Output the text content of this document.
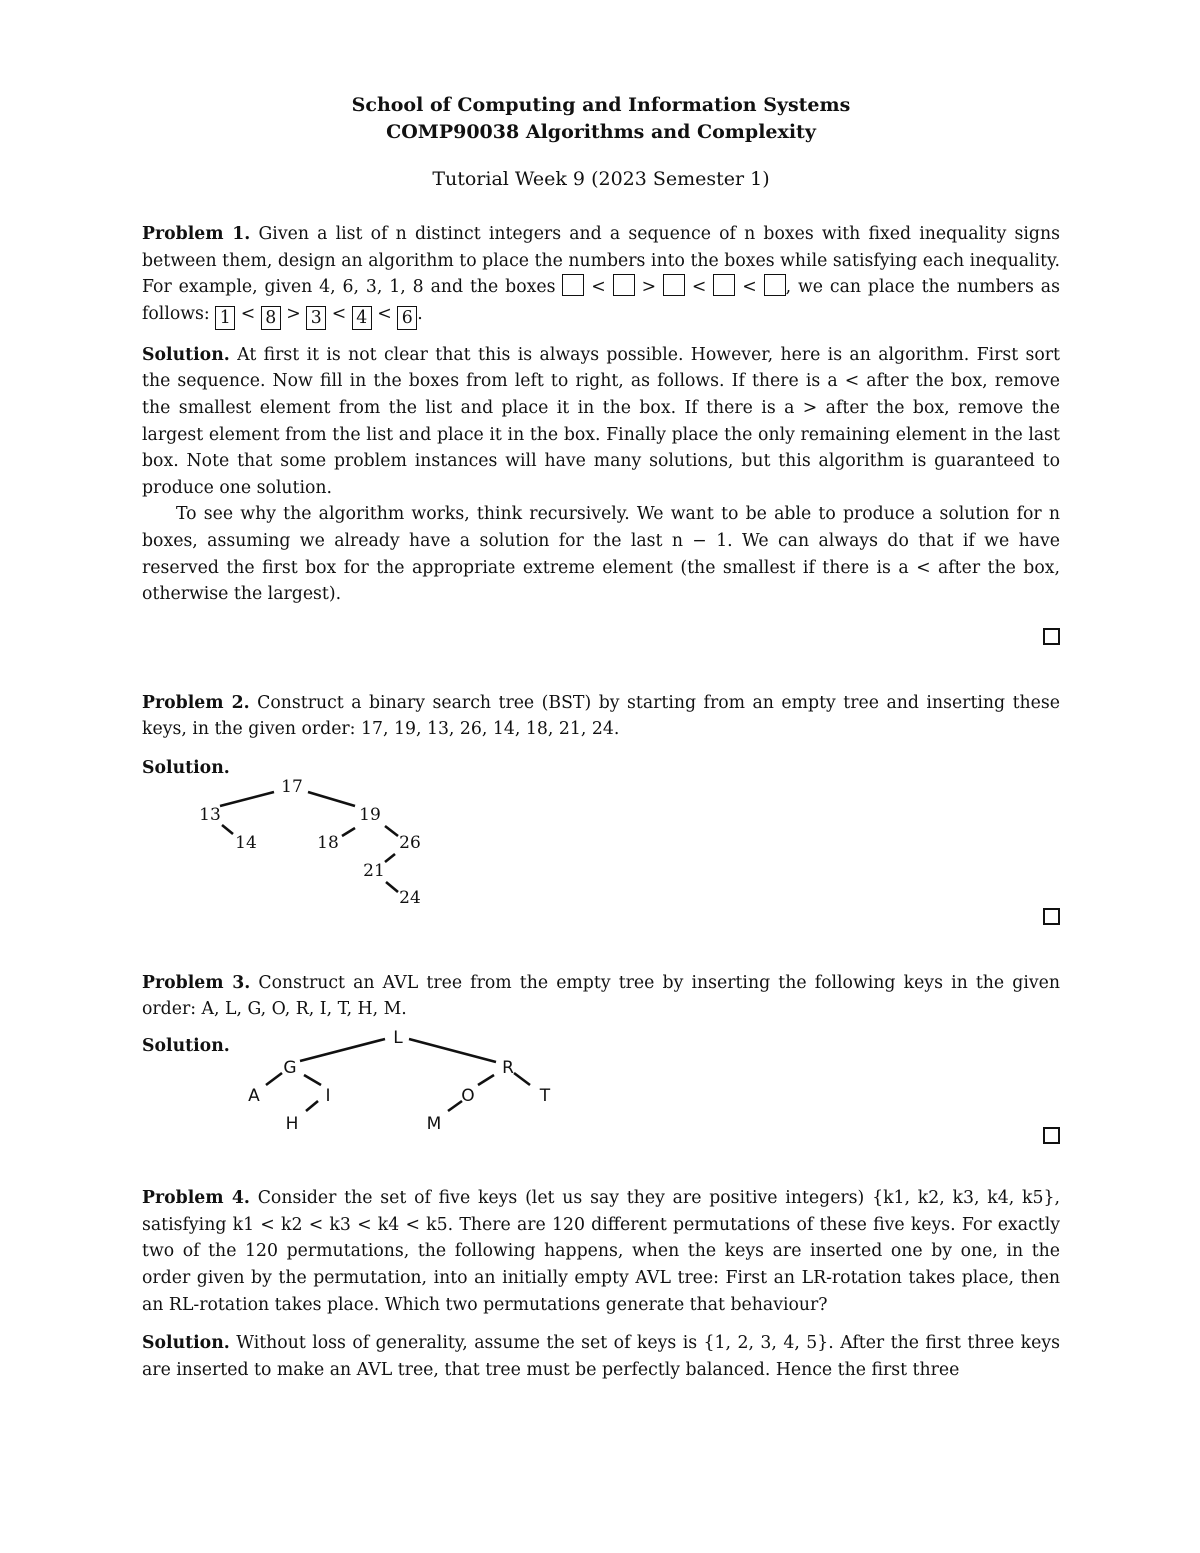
School of Computing and Information Systems
COMP90038 Algorithms and Complexity
Tutorial Week 9 (2023 Semester 1)

Problem 1. Given a list of n distinct integers and a sequence of n boxes with fixed inequality signs between them, design an algorithm to place the numbers into the boxes while satisfying each inequality. For example, given 4, 6, 3, 1, 8 and the boxes < > < < , we can place the numbers as follows: 1 < 8 > 3 < 4 < 6 .

Solution. At first it is not clear that this is always possible. However, here is an algorithm. First sort the sequence. Now fill in the boxes from left to right, as follows. If there is a < after the box, remove the smallest element from the list and place it in the box. If there is a > after the box, remove the largest element from the list and place it in the box. Finally place the only remaining element in the last box. Note that some problem instances will have many solutions, but this algorithm is guaranteed to produce one solution.

To see why the algorithm works, think recursively. We want to be able to produce a solution for n boxes, assuming we already have a solution for the last n − 1. We can always do that if we have reserved the first box for the appropriate extreme element (the smallest if there is a < after the box, otherwise the largest).

Problem 2. Construct a binary search tree (BST) by starting from an empty tree and inserting these keys, in the given order: 17, 19, 13, 26, 14, 18, 21, 24.

Solution.

17
13	19
14	18	26
21
24

Problem 3. Construct an AVL tree from the empty tree by inserting the following keys in the given order: A, L, G, O, R, I, T, H, M.

Solution.	L
G	R
A	I	O	T
H	M

Problem 4. Consider the set of five keys (let us say they are positive integers) {k1, k2, k3, k4, k5}, satisfying k1 < k2 < k3 < k4 < k5. There are 120 different permutations of these five keys. For exactly two of the 120 permutations, the following happens, when the keys are inserted one by one, in the order given by the permutation, into an initially empty AVL tree: First an LR-rotation takes place, then an RL-rotation takes place. Which two permutations generate that behaviour?

Solution. Without loss of generality, assume the set of keys is {1, 2, 3, 4, 5}. After the first three keys are inserted to make an AVL tree, that tree must be perfectly balanced. Hence the first three
